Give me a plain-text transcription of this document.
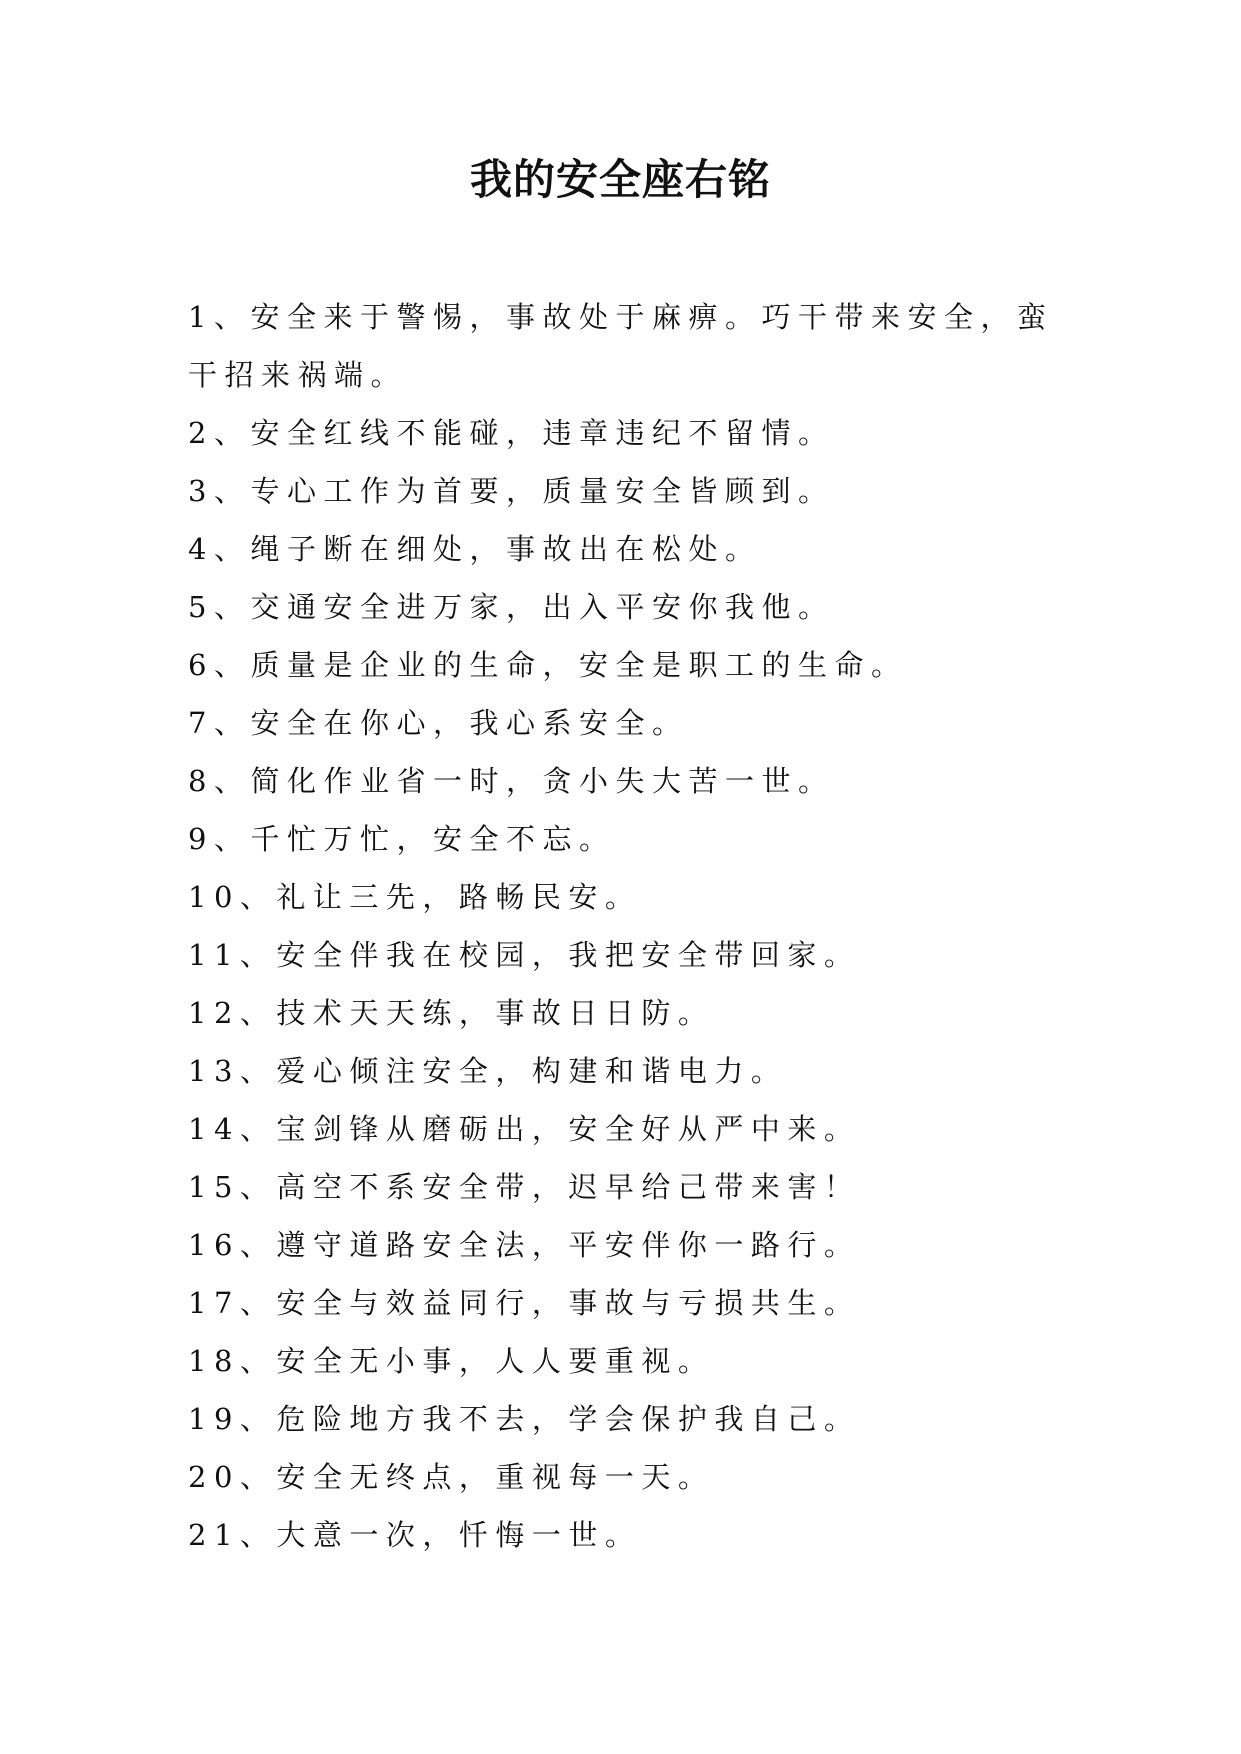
我的安全座右铭
1、安全来于警惕，事故处于麻痹。巧干带来安全，蛮干招来祸端。
2、安全红线不能碰，违章违纪不留情。
3、专心工作为首要，质量安全皆顾到。
4、绳子断在细处，事故出在松处。
5、交通安全进万家，出入平安你我他。
6、质量是企业的生命，安全是职工的生命。
7、安全在你心，我心系安全。
8、简化作业省一时，贪小失大苦一世。
9、千忙万忙，安全不忘。
10、礼让三先，路畅民安。
11、安全伴我在校园，我把安全带回家。
12、技术天天练，事故日日防。
13、爱心倾注安全，构建和谐电力。
14、宝剑锋从磨砺出，安全好从严中来。
15、高空不系安全带，迟早给己带来害！
16、遵守道路安全法，平安伴你一路行。
17、安全与效益同行，事故与亏损共生。
18、安全无小事，人人要重视。
19、危险地方我不去，学会保护我自己。
20、安全无终点，重视每一天。
21、大意一次，忏悔一世。
